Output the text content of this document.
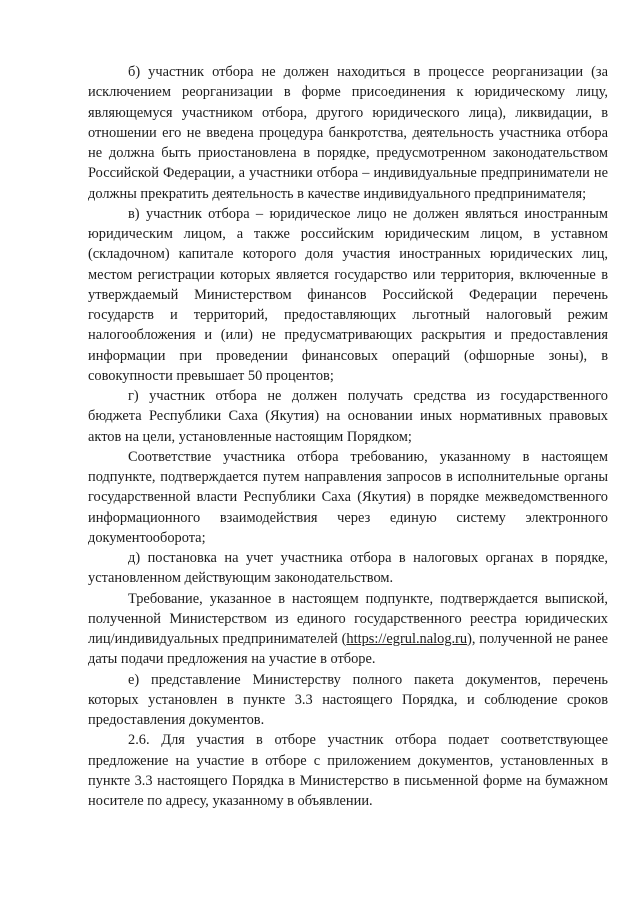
б) участник отбора не должен находиться в процессе реорганизации (за исключением реорганизации в форме присоединения к юридическому лицу, являющемуся участником отбора, другого юридического лица), ликвидации, в отношении его не введена процедура банкротства, деятельность участника отбора не должна быть приостановлена в порядке, предусмотренном законодательством Российской Федерации, а участники отбора – индивидуальные предприниматели не должны прекратить деятельность в качестве индивидуального предпринимателя;

в) участник отбора – юридическое лицо не должен являться иностранным юридическим лицом, а также российским юридическим лицом, в уставном (складочном) капитале которого доля участия иностранных юридических лиц, местом регистрации которых является государство или территория, включенные в утверждаемый Министерством финансов Российской Федерации перечень государств и территорий, предоставляющих льготный налоговый режим налогообложения и (или) не предусматривающих раскрытия и предоставления информации при проведении финансовых операций (офшорные зоны), в совокупности превышает 50 процентов;

г) участник отбора не должен получать средства из государственного бюджета Республики Саха (Якутия) на основании иных нормативных правовых актов на цели, установленные настоящим Порядком;

Соответствие участника отбора требованию, указанному в настоящем подпункте, подтверждается путем направления запросов в исполнительные органы государственной власти Республики Саха (Якутия) в порядке межведомственного информационного взаимодействия через единую систему электронного документооборота;

д) постановка на учет участника отбора в налоговых органах в порядке, установленном действующим законодательством.

Требование, указанное в настоящем подпункте, подтверждается выпиской, полученной Министерством из единого государственного реестра юридических лиц/индивидуальных предпринимателей (https://egrul.nalog.ru), полученной не ранее даты подачи предложения на участие в отборе.

е) представление Министерству полного пакета документов, перечень которых установлен в пункте 3.3 настоящего Порядка, и соблюдение сроков предоставления документов.

2.6. Для участия в отборе участник отбора подает соответствующее предложение на участие в отборе с приложением документов, установленных в пункте 3.3 настоящего Порядка в Министерство в письменной форме на бумажном носителе по адресу, указанному в объявлении.
